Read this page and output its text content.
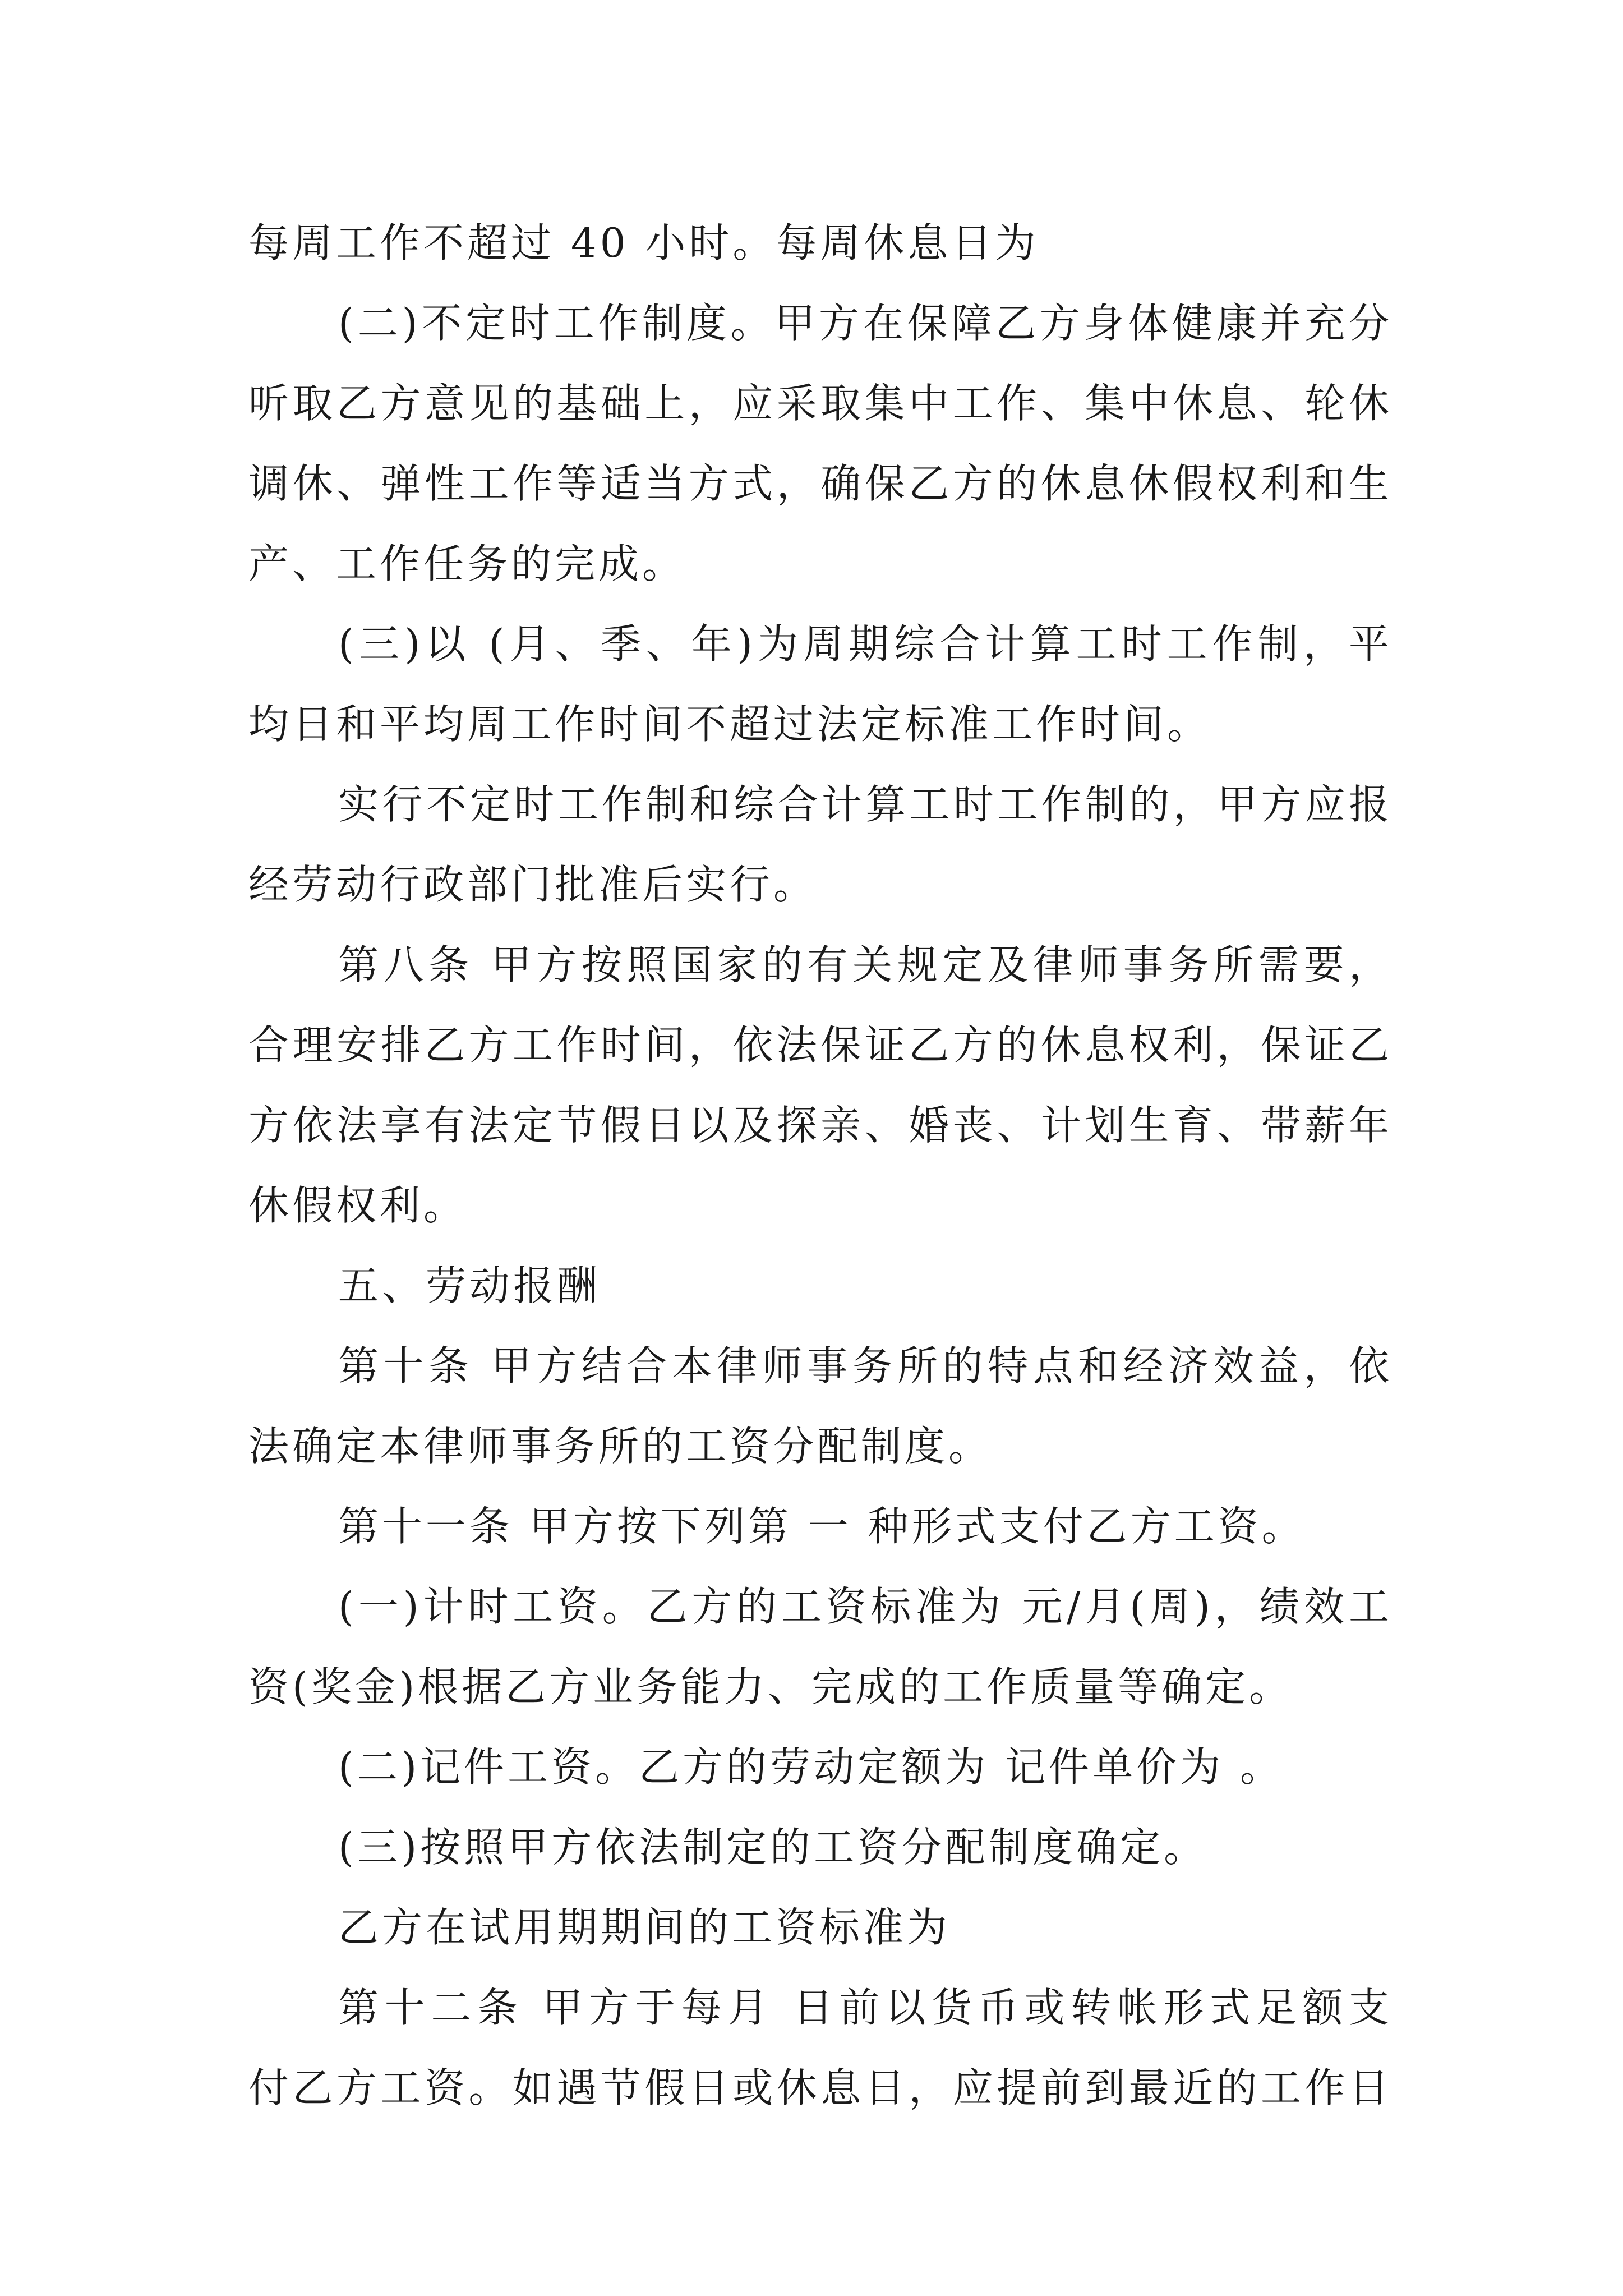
每周工作不超过 40 小时。每周休息日为
(二)不定时工作制度。甲方在保障乙方身体健康并充分
听取乙方意见的基础上，应采取集中工作、集中休息、轮休
调休、弹性工作等适当方式，确保乙方的休息休假权利和生
产、工作任务的完成。
(三)以 (月、季、年)为周期综合计算工时工作制，平
均日和平均周工作时间不超过法定标准工作时间。
实行不定时工作制和综合计算工时工作制的，甲方应报
经劳动行政部门批准后实行。
第八条 甲方按照国家的有关规定及律师事务所需要，
合理安排乙方工作时间，依法保证乙方的休息权利，保证乙
方依法享有法定节假日以及探亲、婚丧、计划生育、带薪年
休假权利。
五、劳动报酬
第十条 甲方结合本律师事务所的特点和经济效益，依
法确定本律师事务所的工资分配制度。
第十一条 甲方按下列第 一 种形式支付乙方工资。
(一)计时工资。乙方的工资标准为 元/月(周)，绩效工
资(奖金)根据乙方业务能力、完成的工作质量等确定。
(二)记件工资。乙方的劳动定额为 记件单价为 。
(三)按照甲方依法制定的工资分配制度确定。
乙方在试用期期间的工资标准为
第十二条 甲方于每月 日前以货币或转帐形式足额支
付乙方工资。如遇节假日或休息日，应提前到最近的工作日
